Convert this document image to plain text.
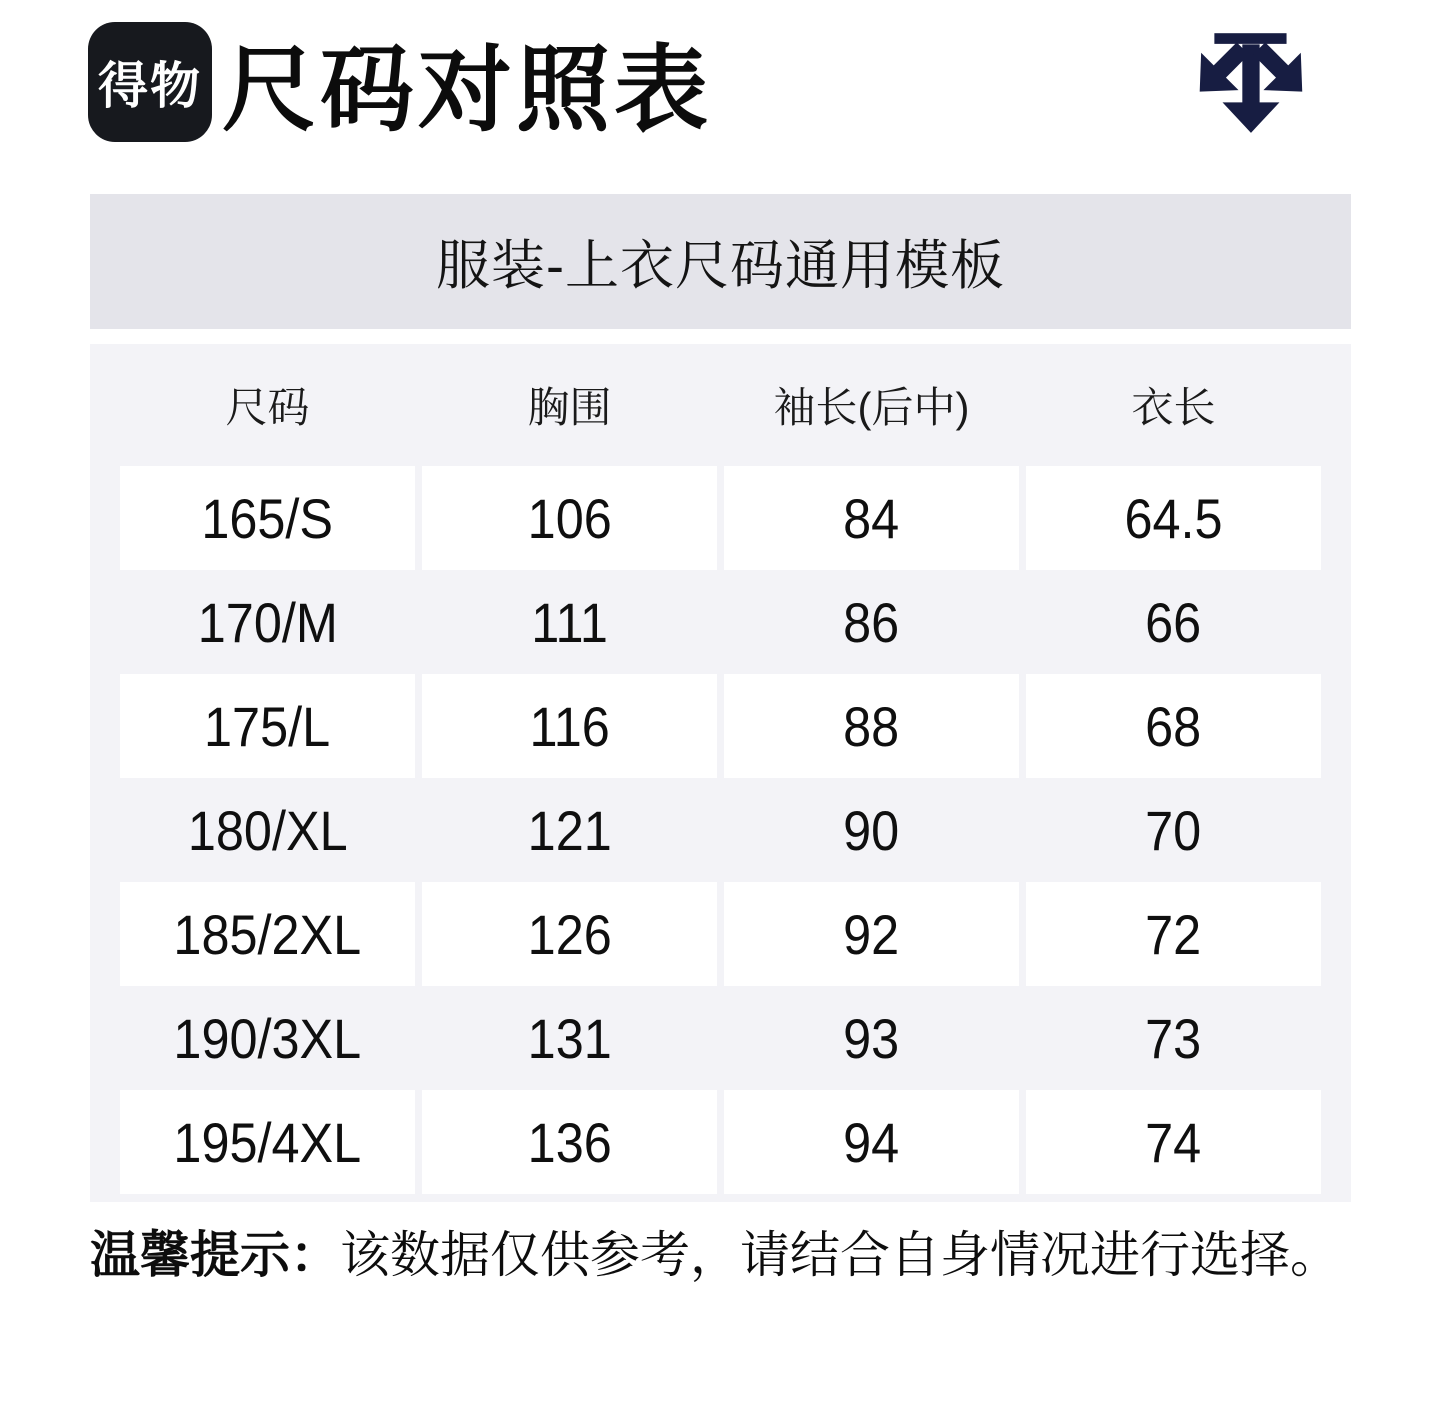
得物 尺码对照表
服装-上衣尺码通用模板
尺码	胸围	袖长(后中)	衣长
165/S	106	84	64.5
170/M	111	86	66
175/L	116	88	68
180/XL	121	90	70
185/2XL	126	92	72
190/3XL	131	93	73
195/4XL	136	94	74

温馨提示：该数据仅供参考，请结合自身情况进行选择。
